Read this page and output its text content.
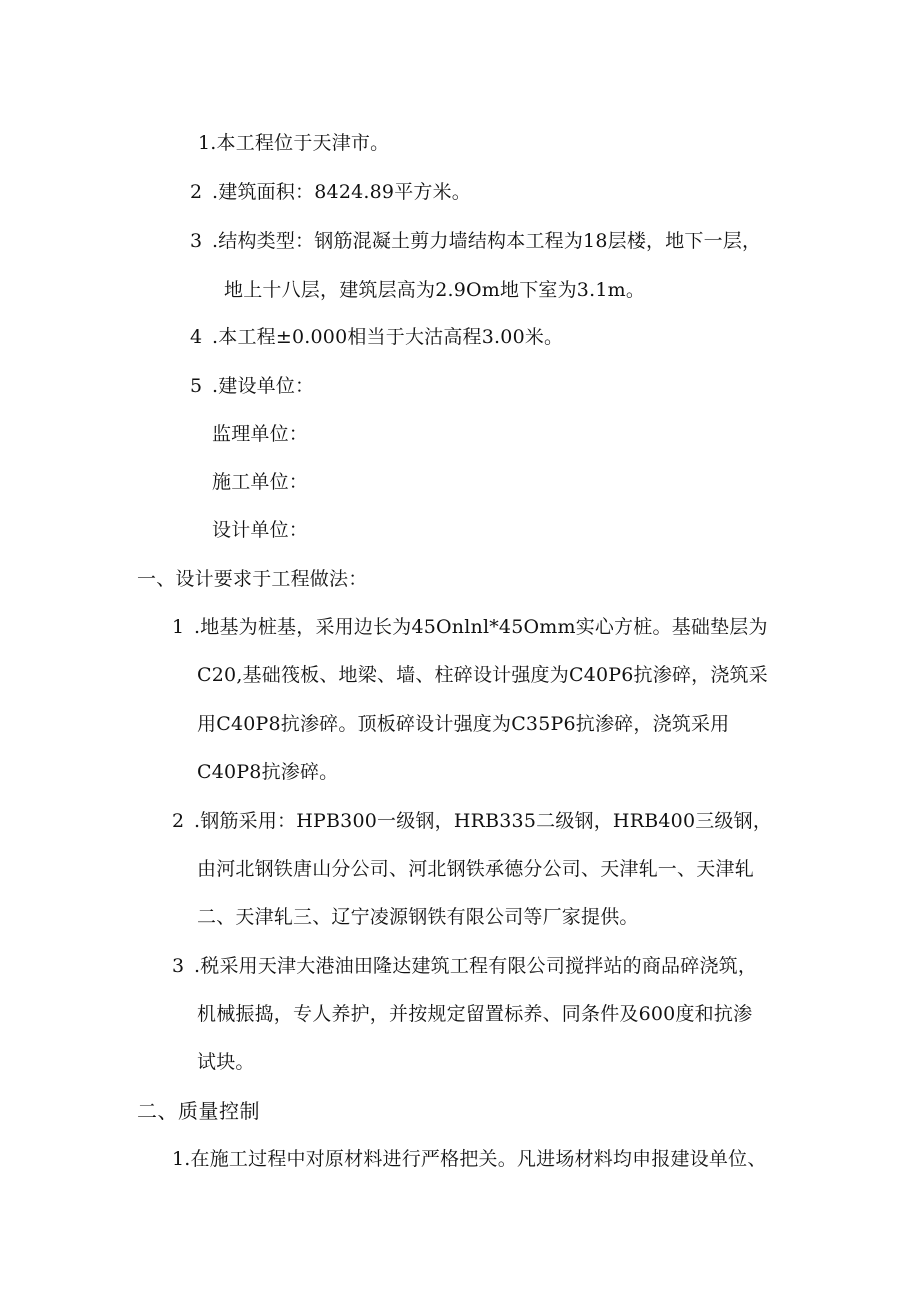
1.本工程位于天津市。
2 .建筑面积：8424.89平方米。
3 .结构类型：钢筋混凝土剪力墙结构本工程为18层楼，地下一层，
地上十八层，建筑层高为2.9Om地下室为3.1m。
4 .本工程±0.000相当于大沽高程3.00米。
5 .建设单位：
监理单位：
施工单位：
设计单位：
一、设计要求于工程做法：
1 .地基为桩基，采用边长为45Onlnl*45Omm实心方桩。基础垫层为
C20,基础筏板、地梁、墙、柱碎设计强度为C40P6抗渗碎，浇筑采
用C40P8抗渗碎。顶板碎设计强度为C35P6抗渗碎，浇筑采用
C40P8抗渗碎。
2 .钢筋采用：HPB300一级钢，HRB335二级钢，HRB400三级钢，
由河北钢铁唐山分公司、河北钢铁承德分公司、天津轧一、天津轧
二、天津轧三、辽宁凌源钢铁有限公司等厂家提供。
3 .税采用天津大港油田隆达建筑工程有限公司搅拌站的商品碎浇筑，
机械振捣，专人养护，并按规定留置标养、同条件及600度和抗渗
试块。
二、质量控制
1.在施工过程中对原材料进行严格把关。凡进场材料均申报建设单位、
